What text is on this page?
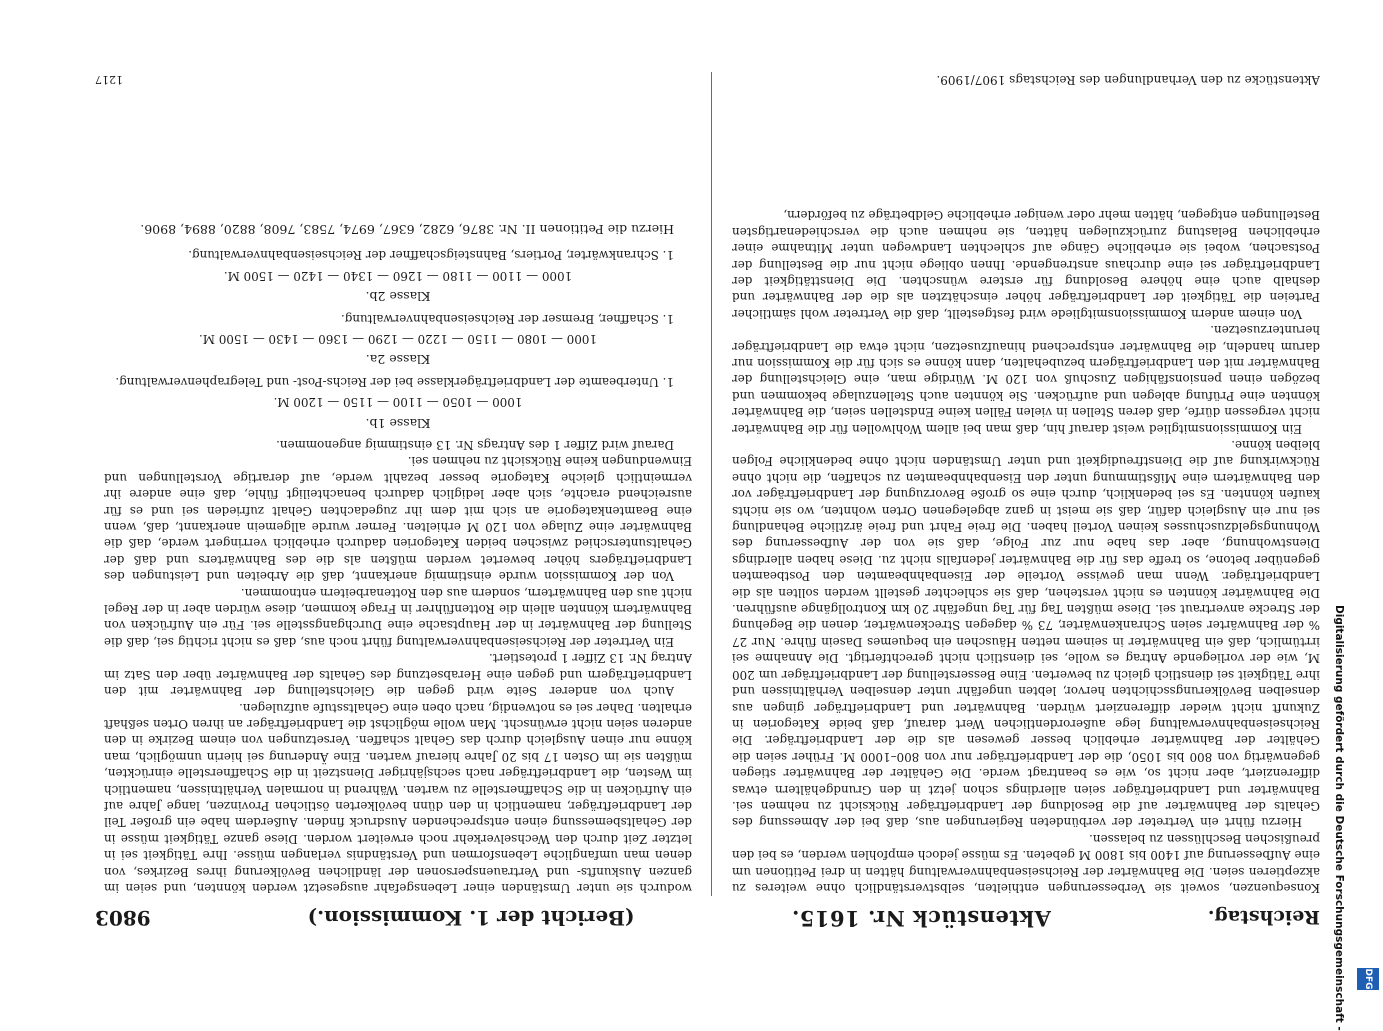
Reichstag.
Aktenstück Nr. 1615.
(Bericht der 1. Kommission.)
9803

Konsequenzen, soweit sie Verbesserungen enthielten, selbstverständlich ohne weiteres zu akzeptieren seien. Die Bahnwärter der Reichseisenbahnverwaltung hätten in drei Petitionen um eine Aufbesserung auf 1400 bis 1800 M gebeten. Es müsse jedoch empfohlen werden, es bei den preußischen Beschlüssen zu belassen.

Hierzu führt ein Vertreter der verbündeten Regierungen aus, daß bei der Abmessung des Gehalts der Bahnwärter auf die Besoldung der Landbriefträger Rücksicht zu nehmen sei. Bahnwärter und Landbriefträger seien allerdings schon jetzt in den Grundgehältern etwas differenziert, aber nicht so, wie es beantragt werde. Die Gehälter der Bahnwärter stiegen gegenwärtig von 800 bis 1050, die der Landbriefträger nur von 800–1000 M. Früher seien die Gehälter der Bahnwärter erheblich besser gewesen als die der Landbriefträger. Die Reichseisenbahnverwaltung lege außerordentlichen Wert darauf, daß beide Kategorien in Zukunft nicht wieder differenziert würden. Bahnwärter und Landbriefträger gingen aus denselben Bevölkerungsschichten hervor, lebten ungefähr unter denselben Verhältnissen und ihre Tätigkeit sei dienstlich gleich zu bewerten. Eine Besserstellung der Landbriefträger um 200 M, wie der vorliegende Antrag es wolle, sei dienstlich nicht gerechtfertigt. Die Annahme sei irrtümlich, daß ein Bahnwärter in seinem netten Häuschen ein bequemes Dasein führe. Nur 27 % der Bahnwärter seien Schrankenwärter, 73 % dagegen Streckenwärter, denen die Begehung der Strecke anvertraut sei. Diese müßten Tag für Tag ungefähr 20 km Kontrollgänge ausführen. Die Bahnwärter könnten es nicht verstehen, daß sie schlechter gestellt werden sollten als die Landbriefträger. Wenn man gewisse Vorteile der Eisenbahnbeamten den Postbeamten gegenüber betone, so treffe das für die Bahnwärter jedenfalls nicht zu. Diese haben allerdings Dienstwohnung, aber das habe nur zur Folge, daß sie von der Aufbesserung des Wohnungsgeldzuschusses keinen Vorteil haben. Die freie Fahrt und freie ärztliche Behandlung sei nur ein Ausgleich dafür, daß sie meist in ganz abgelegenen Orten wohnten, wo sie nichts kaufen könnten. Es sei bedenklich, durch eine so große Bevorzugung der Landbriefträger vor den Bahnwärtern eine Mißstimmung unter den Eisenbahnbeamten zu schaffen, die nicht ohne Rückwirkung auf die Dienstfreudigkeit und unter Umständen nicht ohne bedenkliche Folgen bleiben könne.

Ein Kommissionsmitglied weist darauf hin, daß man bei allem Wohlwollen für die Bahnwärter nicht vergessen dürfe, daß deren Stellen in vielen Fällen keine Endstellen seien, die Bahnwärter könnten eine Prüfung ablegen und aufrücken. Sie könnten auch Stellenzulage bekommen und bezögen einen pensionsfähigen Zuschuß von 120 M. Würdige man, eine Gleichstellung der Bahnwärter mit den Landbriefträgern bezubehalten, dann könne es sich für die Kommission nur darum handeln, die Bahnwärter entsprechend hinaufzusetzen, nicht etwa die Landbriefträger herunterzusetzen.

Von einem andern Kommissionsmitgliede wird festgestellt, daß die Vertreter wohl sämtlicher Parteien die Tätigkeit der Landbriefträger höher einschätzten als die der Bahnwärter und deshalb auch eine höhere Besoldung für erstere wünschten. Die Diensttätigkeit der Landbriefträger sei eine durchaus anstrengende. Ihnen obliege nicht nur die Bestellung der Postsachen, wobei sie erhebliche Gänge auf schlechten Landwegen unter Mitnahme einer erheblichen Belastung zurückzulegen hätten, sie nehmen auch die verschiedenartigsten Bestellungen entgegen, hätten mehr oder weniger erhebliche Geldbeträge zu befördern,

wodurch sie unter Umständen einer Lebensgefahr ausgesetzt werden könnten, und seien im ganzen Auskunfts- und Vertrauenspersonen der ländlichen Bevölkerung ihres Bezirkes, von denen man umfangliche Lebensformen und Verständnis verlangen müsse. Ihre Tätigkeit sei in letzter Zeit durch den Wechselverkehr noch erweitert worden. Diese ganze Tätigkeit müsse in der Gehaltsbemessung einen entsprechenden Ausdruck finden. Außerdem habe ein großer Teil der Landbriefträger, namentlich in den dünn bevölkerten östlichen Provinzen, lange Jahre auf ein Aufrücken in die Schaffnerstelle zu warten. Während in normalen Verhältnissen, namentlich im Westen, die Landbriefträger nach sechsjähriger Dienstzeit in die Schaffnerstelle einrückten, müßten sie im Osten 17 bis 20 Jahre hierauf warten. Eine Änderung sei hierin unmöglich, man könne nur einen Ausgleich durch das Gehalt schaffen. Versetzungen von einem Bezirke in den anderen seien nicht erwünscht. Man wolle möglichst die Landbriefträger an ihren Orten seßhaft erhalten. Daher sei es notwendig, nach oben eine Gehaltsstufe aufzulegen.

Auch von anderer Seite wird gegen die Gleichstellung der Bahnwärter mit den Landbriefträgern und gegen eine Herabsetzung des Gehalts der Bahnwärter über den Satz im Antrag Nr. 13 Ziffer 1 protestiert.

Ein Vertreter der Reichseisenbahnverwaltung führt noch aus, daß es nicht richtig sei, daß die Stellung der Bahnwärter in der Hauptsache eine Durchgangsstelle sei. Für ein Aufrücken von Bahnwärtern könnten allein die Rottenführer in Frage kommen, diese würden aber in der Regel nicht aus den Bahnwärtern, sondern aus den Rottenarbeitern entnommen.

Von der Kommission wurde einstimmig anerkannt, daß die Arbeiten und Leistungen des Landbriefträgers höher bewertet werden müßten als die des Bahnwärters und daß der Gehaltsunterschied zwischen beiden Kategorien dadurch erheblich verringert werde, daß die Bahnwärter eine Zulage von 120 M erhielten. Ferner wurde allgemein anerkannt, daß, wenn eine Beamtenkategorie an sich mit dem ihr zugedachten Gehalt zufrieden sei und es für ausreichend erachte, sich aber lediglich dadurch benachteiligt fühle, daß eine andere ihr vermeintlich gleiche Kategorie besser bezahlt werde, auf derartige Vorstellungen und Einwendungen keine Rücksicht zu nehmen sei.

Darauf wird Ziffer 1 des Antrags Nr. 13 einstimmig angenommen.

Klasse 1b.

1000 — 1050 — 1100 — 1150 — 1200 M.

1. Unterbeamte der Landbriefträgerklasse bei der Reichs-Post- und Telegraphenverwaltung.

Klasse 2a.

1000 — 1080 — 1150 — 1220 — 1290 — 1360 — 1430 — 1500 M.

1. Schaffner, Bremser der Reichseisenbahnverwaltung.

Klasse 2b.

1000 — 1100 — 1180 — 1260 — 1340 — 1420 — 1500 M.

1. Schrankwärter, Portiers, Bahnsteigschaffner der Reichseisenbahnverwaltung.

Hierzu die Petitionen II. Nr. 3876, 6282, 6367, 6974, 7583, 7608, 8820, 8894, 8906.

Aktenstücke zu den Verhandlungen des Reichstags 1907/1909.
1217
Digitalisierung gefördert durch die Deutsche Forschungsgemeinschaft -	DFG
